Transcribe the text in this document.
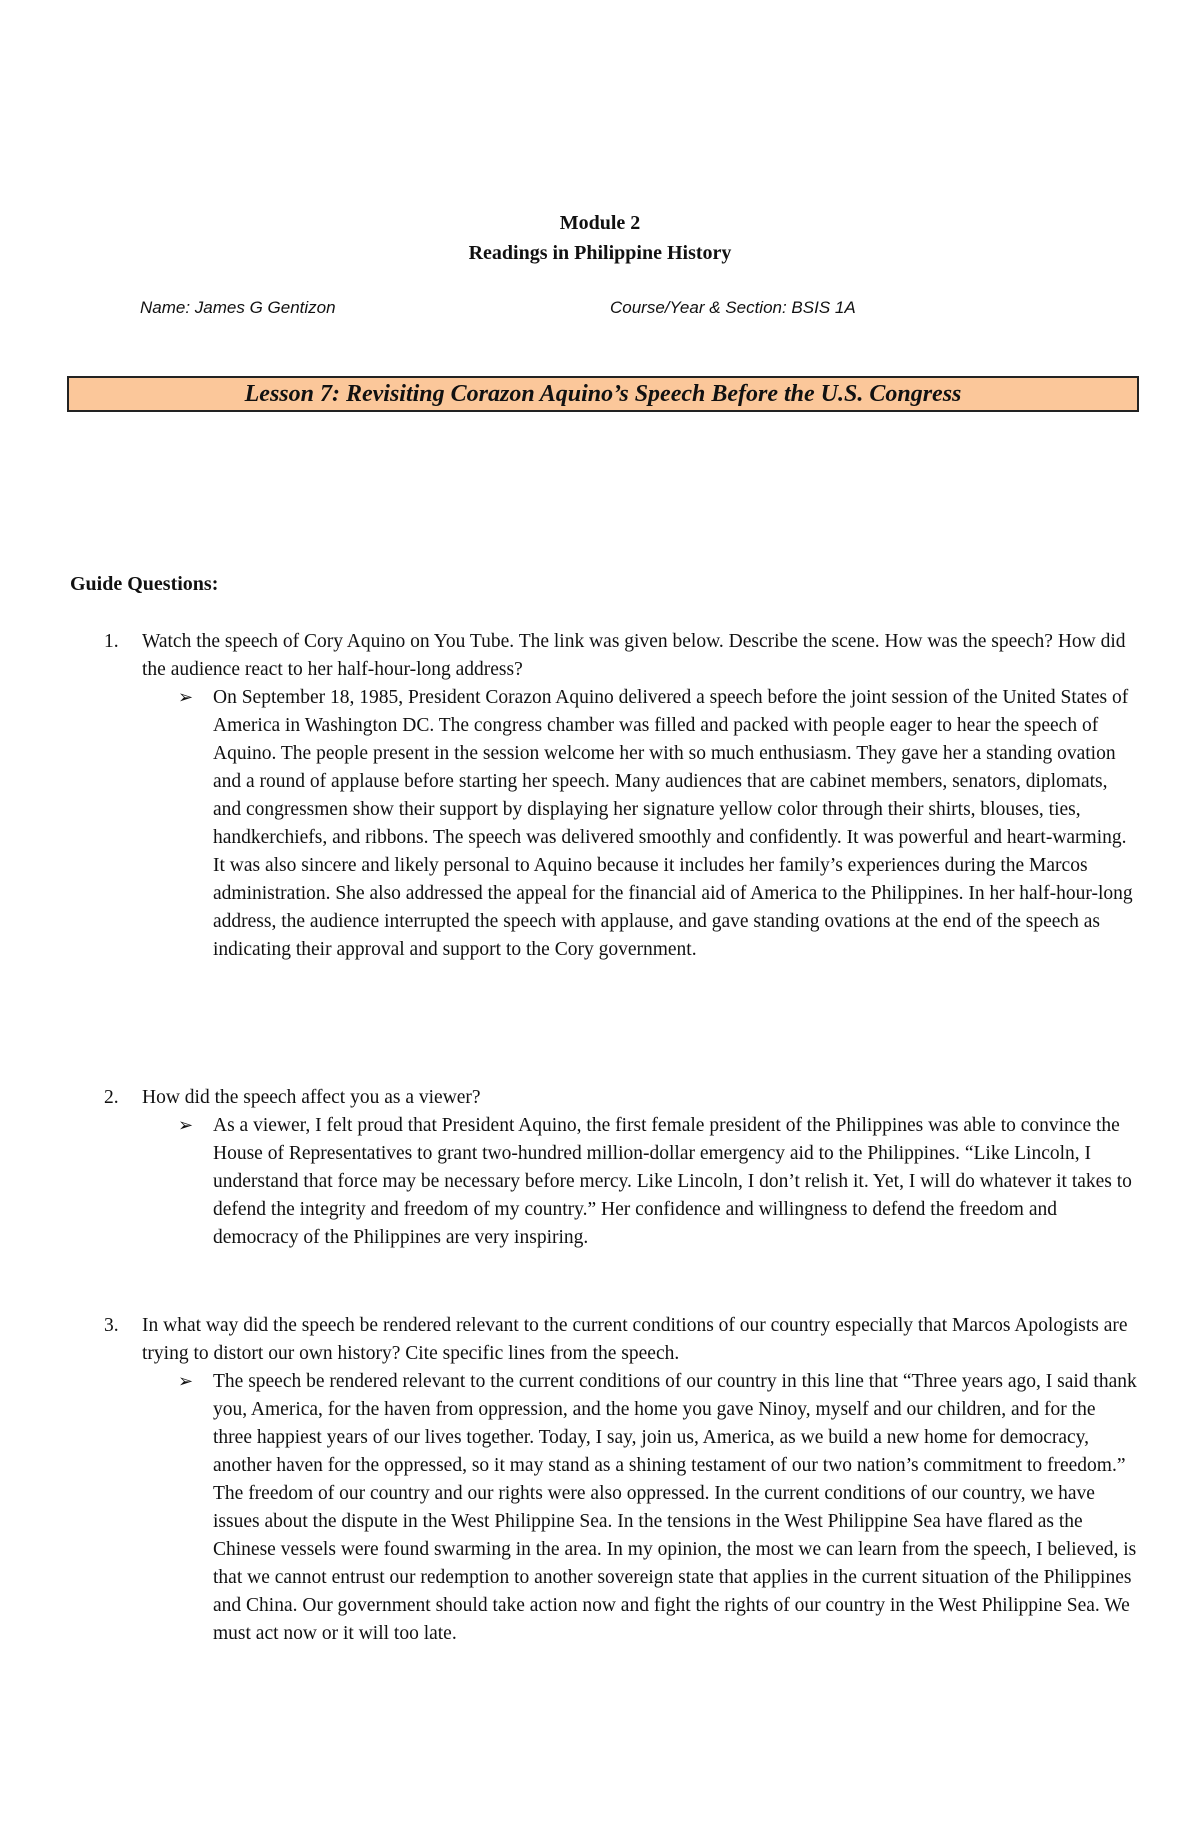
Module 2
Readings in Philippine History
Name: James G Gentizon	Course/Year & Section: BSIS 1A
Lesson 7: Revisiting Corazon Aquino’s Speech Before the U.S. Congress
Guide Questions:
1.	Watch the speech of Cory Aquino on You Tube. The link was given below. Describe the scene. How was the speech? How did the audience react to her half-hour-long address?
➢	On September 18, 1985, President Corazon Aquino delivered a speech before the joint session of the United States of America in Washington DC. The congress chamber was filled and packed with people eager to hear the speech of Aquino. The people present in the session welcome her with so much enthusiasm. They gave her a standing ovation and a round of applause before starting her speech. Many audiences that are cabinet members, senators, diplomats, and congressmen show their support by displaying her signature yellow color through their shirts, blouses, ties, handkerchiefs, and ribbons. The speech was delivered smoothly and confidently. It was powerful and heart-warming. It was also sincere and likely personal to Aquino because it includes her family’s experiences during the Marcos administration. She also addressed the appeal for the financial aid of America to the Philippines. In her half-hour-long address, the audience interrupted the speech with applause, and gave standing ovations at the end of the speech as indicating their approval and support to the Cory government.
2.	How did the speech affect you as a viewer?
➢	As a viewer, I felt proud that President Aquino, the first female president of the Philippines was able to convince the House of Representatives to grant two-hundred million-dollar emergency aid to the Philippines. “Like Lincoln, I understand that force may be necessary before mercy. Like Lincoln, I don’t relish it. Yet, I will do whatever it takes to defend the integrity and freedom of my country.” Her confidence and willingness to defend the freedom and democracy of the Philippines are very inspiring.
3.	In what way did the speech be rendered relevant to the current conditions of our country especially that Marcos Apologists are trying to distort our own history? Cite specific lines from the speech.
➢	The speech be rendered relevant to the current conditions of our country in this line that “Three years ago, I said thank you, America, for the haven from oppression, and the home you gave Ninoy, myself and our children, and for the three happiest years of our lives together. Today, I say, join us, America, as we build a new home for democracy, another haven for the oppressed, so it may stand as a shining testament of our two nation’s commitment to freedom.” The freedom of our country and our rights were also oppressed. In the current conditions of our country, we have issues about the dispute in the West Philippine Sea. In the tensions in the West Philippine Sea have flared as the Chinese vessels were found swarming in the area. In my opinion, the most we can learn from the speech, I believed, is that we cannot entrust our redemption to another sovereign state that applies in the current situation of the Philippines and China. Our government should take action now and fight the rights of our country in the West Philippine Sea. We must act now or it will too late.
